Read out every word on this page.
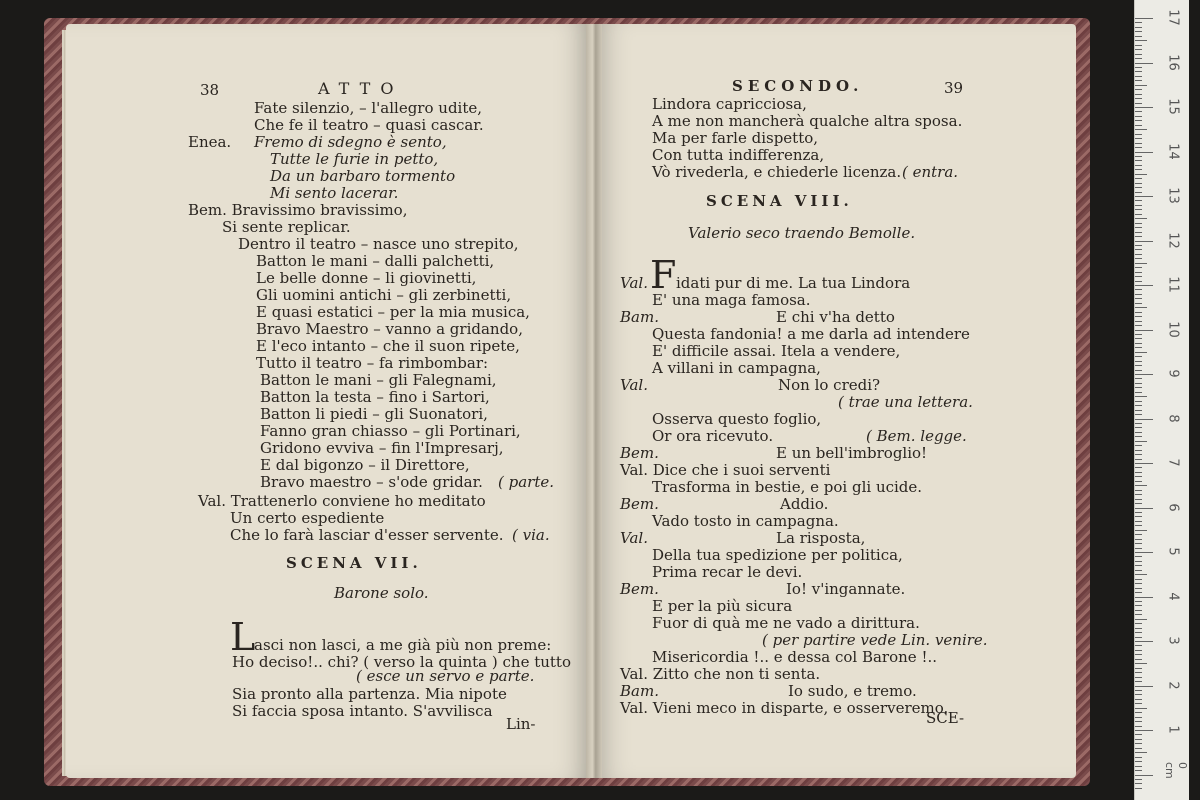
38	ATTO
Fate silenzio, – l'allegro udite,
Che fe il teatro – quasi cascar.
Enea. Fremo di sdegno è sento,
Tutte le furie in petto,
Da un barbaro tormento
Mi sento lacerar.
Bem. Bravissimo bravissimo,
Si sente replicar.
Dentro il teatro – nasce uno strepito,
Batton le mani – dalli palchetti,
Le belle donne – li giovinetti,
Gli uomini antichi – gli zerbinetti,
E quasi estatici – per la mia musica,
Bravo Maestro – vanno a gridando,
E l'eco intanto – che il suon ripete,
Tutto il teatro – fa rimbombar:
Batton le mani – gli Falegnami,
Batton la testa – fino i Sartori,
Batton li piedi – gli Suonatori,
Fanno gran chiasso – gli Portinari,
Gridono evviva – fin l'Impresarj,
E dal bigonzo – il Direttore,
Bravo maestro – s'ode gridar. ( parte.
Val. Trattenerlo conviene ho meditato
Un certo espediente
Che lo farà lasciar d'esser servente. ( via.
SCENA VII.
Barone solo.
L
asci non lasci, a me già più non preme:
Ho deciso!.. chi? ( verso la quinta ) che tutto
( esce un servo e parte.
Sia pronto alla partenza. Mia nipote
Si faccia sposa intanto. S'avvilisca
Lin-
SECONDO.	39
Lindora capricciosa,
A me non mancherà qualche altra sposa.
Ma per farle dispetto,
Con tutta indifferenza,
Vò rivederla, e chiederle licenza. ( entra.
SCENA VIII.
Valerio seco traendo Bemolle.
Val. F idati pur di me. La tua Lindora
E' una maga famosa.
Bam.	E chi v'ha detto
Questa fandonia! a me darla ad intendere
E' difficile assai. Itela a vendere,
A villani in campagna,
Val.	Non lo credi?
( trae una lettera.
Osserva questo foglio,
Or ora ricevuto.	( Bem. legge.
Bem.	E un bell'imbroglio!
Val. Dice che i suoi serventi
Trasforma in bestie, e poi gli ucide.
Bem.	Addio.
Vado tosto in campagna.
Val.	La risposta,
Della tua spedizione per politica,
Prima recar le devi.
Bem.	Io! v'ingannate.
E per la più sicura
Fuor di quà me ne vado a dirittura.
( per partire vede Lin. venire.
Misericordia !.. e dessa col Barone !..
Val. Zitto che non ti senta.
Bam.	Io sudo, e tremo.
Val. Vieni meco in disparte, e osserveremo.
SCE-
17
16
15
14
13
12
11
10
9
8
7
6
5
4
3
2
1
0 cm
